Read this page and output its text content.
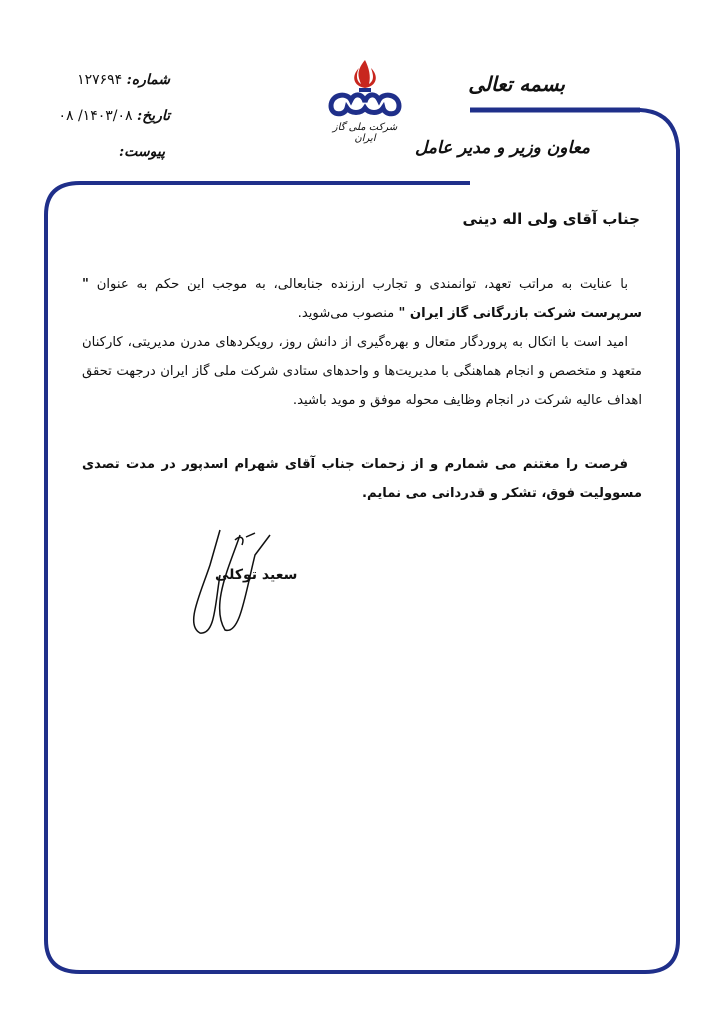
بسمه تعالی
معاون وزیر و مدیر عامل
شرکت ملی گاز ایران
شماره: ۱۲۷۶۹۴
تاریخ: ۱۴۰۳/۰۸/ ۰۸
پیوست:
جناب آقای ولی اله دینی

با عنایت به مراتب تعهد، توانمندی و تجارب ارزنده جنابعالی، به موجب این حکم به عنوان " سرپرست شرکت بازرگانی گاز ایران " منصوب می‌شوید.

امید است با اتکال به پروردگار متعال و بهره‌گیری از دانش روز، رویکردهای مدرن مدیریتی، کارکنان متعهد و متخصص و انجام هماهنگی با مدیریت‌ها و واحدهای ستادی شرکت ملی گاز ایران درجهت تحقق اهداف عالیه شرکت در انجام وظایف محوله موفق و موید باشید.

فرصت را مغتنم می شمارم و از زحمات جناب آقای شهرام اسدپور در مدت تصدی مسوولیت فوق، تشکر و قدردانی می نمایم.
سعید توکلی
